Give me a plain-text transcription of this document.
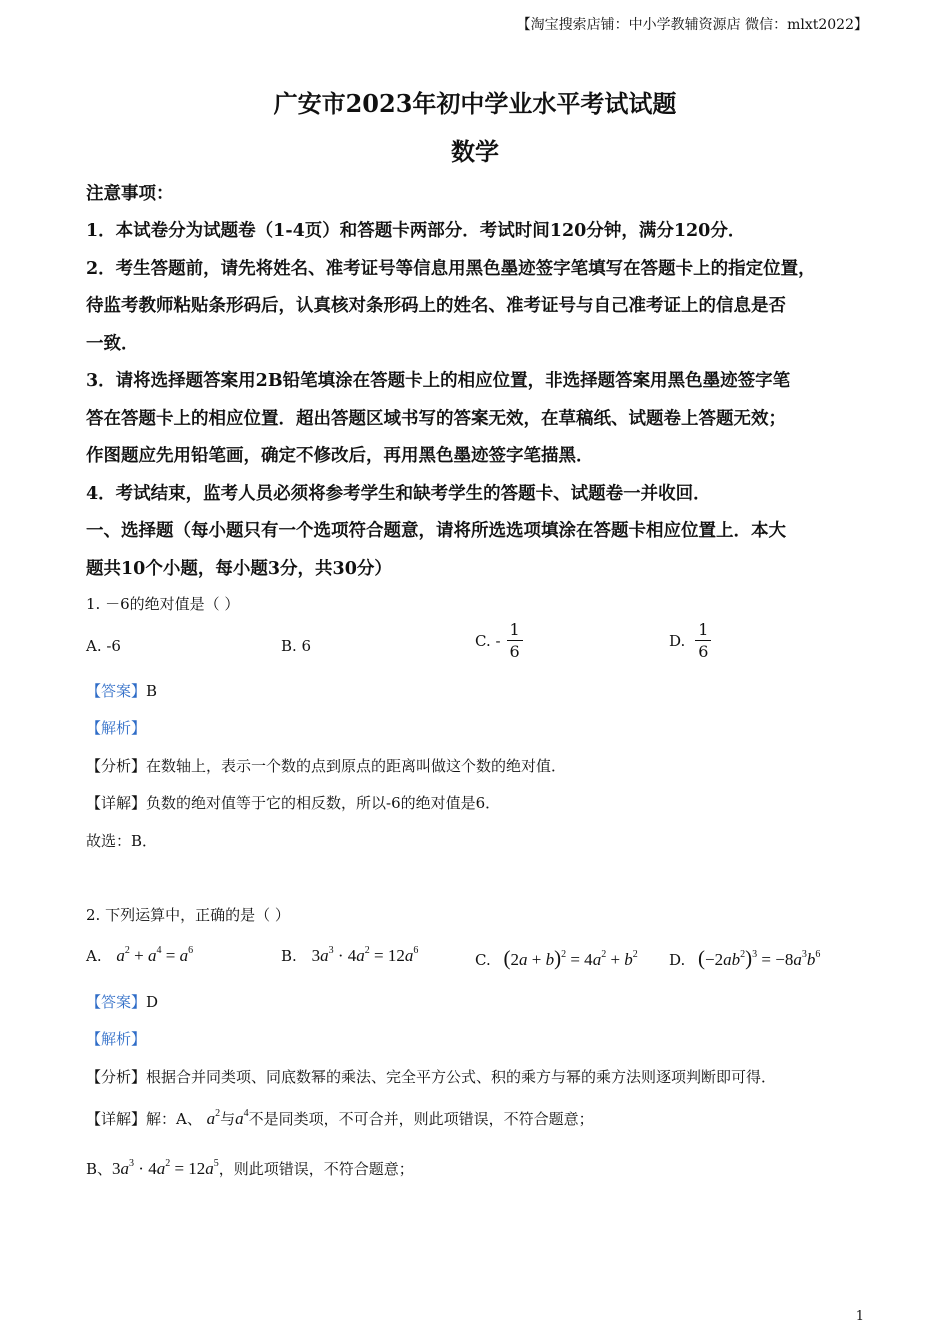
【淘宝搜索店铺：中小学教辅资源店 微信：mlxt2022】
广安市2023年初中学业水平考试试题
数学
注意事项：
1．本试卷分为试题卷（1-4页）和答题卡两部分．考试时间120分钟，满分120分．
2．考生答题前，请先将姓名、准考证号等信息用黑色墨迹签字笔填写在答题卡上的指定位置，
待监考教师粘贴条形码后，认真核对条形码上的姓名、准考证号与自己准考证上的信息是否
一致．
3．请将选择题答案用2B铅笔填涂在答题卡上的相应位置，非选择题答案用黑色墨迹签字笔
答在答题卡上的相应位置．超出答题区域书写的答案无效，在草稿纸、试题卷上答题无效；
作图题应先用铅笔画，确定不修改后，再用黑色墨迹签字笔描黑．
4．考试结束，监考人员必须将参考学生和缺考学生的答题卡、试题卷一并收回．
一、选择题（每小题只有一个选项符合题意，请将所选选项填涂在答题卡相应位置上．本大
题共10个小题，每小题3分，共30分）
1. －6的绝对值是（ ）
A. -6	B. 6	C. - $\frac{1}{6}$	D. $\frac{1}{6}$
【答案】B
【解析】
【分析】在数轴上，表示一个数的点到原点的距离叫做这个数的绝对值．
【详解】负数的绝对值等于它的相反数，所以-6的绝对值是6．
故选：B．
2. 下列运算中，正确的是（ ）
A. $a^2 + a^4 = a^6$	B. $3a^3 \cdot 4a^2 = 12a^6$
C. $(2a + b)^2 = 4a^2 + b^2$ D. $(-2ab^2)^3 = -8a^3b^6$
【答案】D
【解析】
【分析】根据合并同类项、同底数幂的乘法、完全平方公式、积的乘方与幂的乘方法则逐项判断即可得．
【详解】解：A、 $a^2$与$a^4$不是同类项，不可合并，则此项错误，不符合题意；
B、$3a^3 \cdot 4a^2 = 12a^5$，则此项错误，不符合题意；
1
